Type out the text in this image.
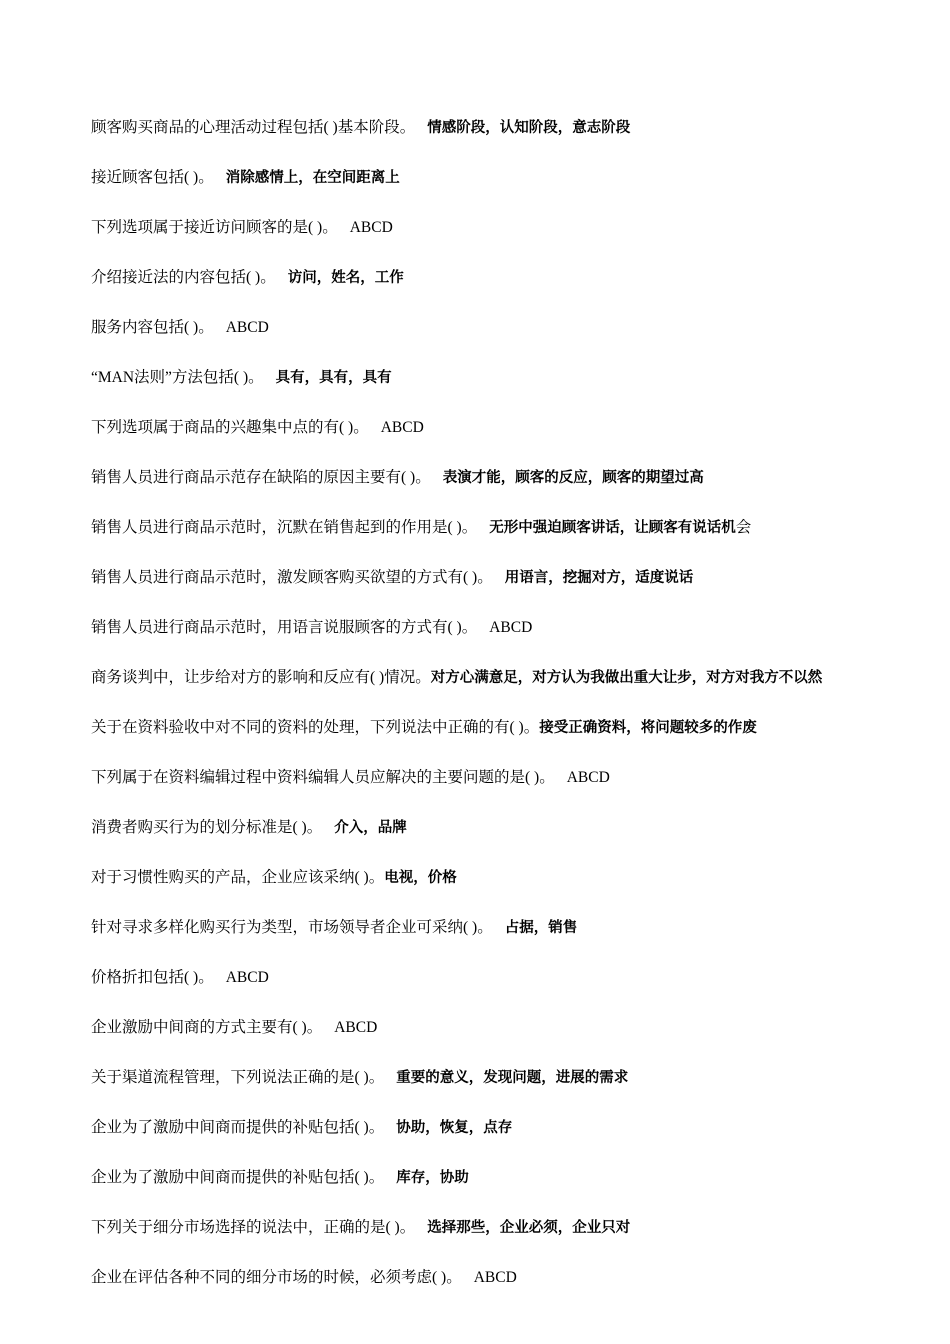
顾客购买商品的心理活动过程包括( )基本阶段。 情感阶段，认知阶段，意志阶段
接近顾客包括( )。 消除感情上，在空间距离上
下列选项属于接近访问顾客的是( )。 ABCD
介绍接近法的内容包括( )。 访问，姓名，工作
服务内容包括( )。 ABCD
“MAN法则”方法包括( )。 具有，具有，具有
下列选项属于商品的兴趣集中点的有( )。 ABCD
销售人员进行商品示范存在缺陷的原因主要有( )。 表演才能，顾客的反应，顾客的期望过高
销售人员进行商品示范时，沉默在销售起到的作用是( )。 无形中强迫顾客讲话，让顾客有说话机会
销售人员进行商品示范时，激发顾客购买欲望的方式有( )。 用语言，挖掘对方，适度说话
销售人员进行商品示范时，用语言说服顾客的方式有( )。 ABCD
商务谈判中，让步给对方的影响和反应有( )情况。对方心满意足，对方认为我做出重大让步，对方对我方不以然
关于在资料验收中对不同的资料的处理，下列说法中正确的有( )。接受正确资料，将问题较多的作废
下列属于在资料编辑过程中资料编辑人员应解决的主要问题的是( )。 ABCD
消费者购买行为的划分标准是( )。 介入，品牌
对于习惯性购买的产品，企业应该采纳( )。电视，价格
针对寻求多样化购买行为类型，市场领导者企业可采纳( )。 占据，销售
价格折扣包括( )。 ABCD
企业激励中间商的方式主要有( )。 ABCD
关于渠道流程管理，下列说法正确的是( )。 重要的意义，发现问题，进展的需求
企业为了激励中间商而提供的补贴包括( )。 协助，恢复，点存
企业为了激励中间商而提供的补贴包括( )。 库存，协助
下列关于细分市场选择的说法中，正确的是( )。 选择那些，企业必须，企业只对
企业在评估各种不同的细分市场的时候，必须考虑( )。 ABCD
